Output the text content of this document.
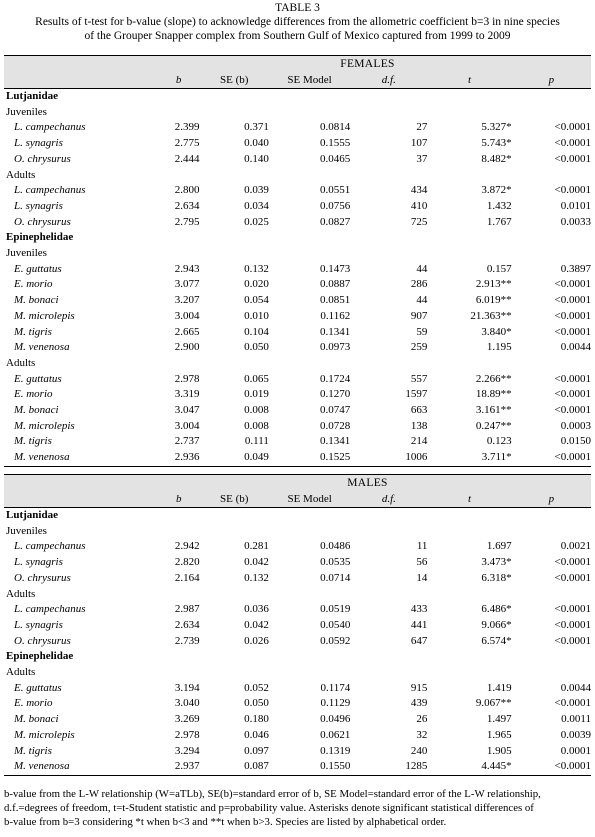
TABLE 3
Results of t-test for b-value (slope) to acknowledge differences from the allometric coefficient b=3 in nine species
of the Grouper Snapper complex from Southern Gulf of Mexico captured from 1999 to 2009
FEMALES						
	b	SE (b)	SE Model	d.f.	t	p
Lutjanidae						
Juveniles						
L. campechanus	2.399	0.371	0.0814	27	5.327*	<0.0001
L. synagris	2.775	0.040	0.1555	107	5.743*	<0.0001
O. chrysurus	2.444	0.140	0.0465	37	8.482*	<0.0001
Adults						
L. campechanus	2.800	0.039	0.0551	434	3.872*	<0.0001
L. synagris	2.634	0.034	0.0756	410	1.432	0.0101
O. chrysurus	2.795	0.025	0.0827	725	1.767	0.0033
Epinephelidae						
Juveniles						
E. guttatus	2.943	0.132	0.1473	44	0.157	0.3897
E. morio	3.077	0.020	0.0887	286	2.913**	<0.0001
M. bonaci	3.207	0.054	0.0851	44	6.019**	<0.0001
M. microlepis	3.004	0.010	0.1162	907	21.363**	<0.0001
M. tigris	2.665	0.104	0.1341	59	3.840*	<0.0001
M. venenosa	2.900	0.050	0.0973	259	1.195	0.0044
Adults						
E. guttatus	2.978	0.065	0.1724	557	2.266**	<0.0001
E. morio	3.319	0.019	0.1270	1597	18.89**	<0.0001
M. bonaci	3.047	0.008	0.0747	663	3.161**	<0.0001
M. microlepis	3.004	0.008	0.0728	138	0.247**	0.0003
M. tigris	2.737	0.111	0.1341	214	0.123	0.0150
M. venenosa	2.936	0.049	0.1525	1006	3.711*	<0.0001
MALES						
	b	SE (b)	SE Model	d.f.	t	p
Lutjanidae						
Juveniles						
L. campechanus	2.942	0.281	0.0486	11	1.697	0.0021
L. synagris	2.820	0.042	0.0535	56	3.473*	<0.0001
O. chrysurus	2.164	0.132	0.0714	14	6.318*	<0.0001
Adults						
L. campechanus	2.987	0.036	0.0519	433	6.486*	<0.0001
L. synagris	2.634	0.042	0.0540	441	9.066*	<0.0001
O. chrysurus	2.739	0.026	0.0592	647	6.574*	<0.0001
Epinephelidae						
Adults						
E. guttatus	3.194	0.052	0.1174	915	1.419	0.0044
E. morio	3.040	0.050	0.1129	439	9.067**	<0.0001
M. bonaci	3.269	0.180	0.0496	26	1.497	0.0011
M. microlepis	2.978	0.046	0.0621	32	1.965	0.0039
M. tigris	3.294	0.097	0.1319	240	1.905	0.0001
M. venenosa	2.937	0.087	0.1550	1285	4.445*	<0.0001
b-value from the L-W relationship (W=aTLb), SE(b)=standard error of b, SE Model=standard error of the L-W relationship,
d.f.=degrees of freedom, t=t-Student statistic and p=probability value. Asterisks denote significant statistical differences of
b-value from b=3 considering *t when b<3 and **t when b>3. Species are listed by alphabetical order.
